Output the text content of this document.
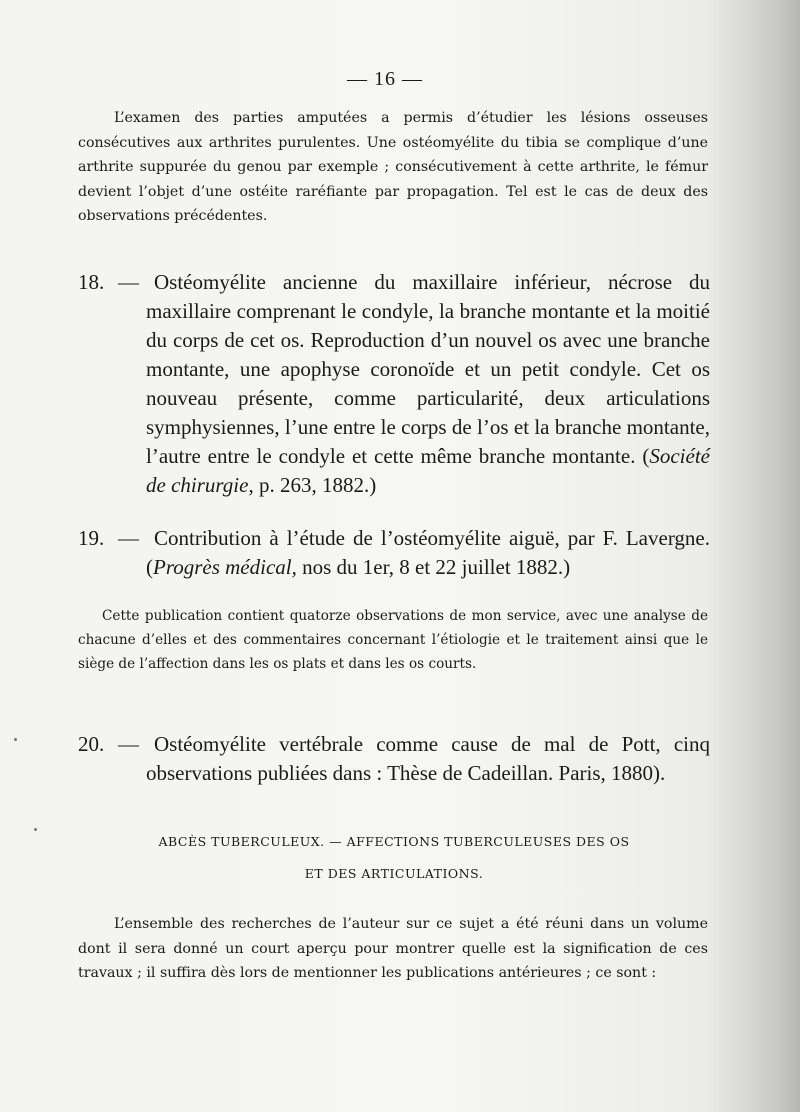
— 16 —

L’examen des parties amputées a permis d’étudier les lésions osseuses consécutives aux arthrites purulentes. Une ostéomyélite du tibia se complique d’une arthrite suppurée du genou par exemple ; consécutivement à cette arthrite, le fémur devient l’objet d’une ostéite raréfiante par propagation. Tel est le cas de deux des observations précédentes.

18. — Ostéomyélite ancienne du maxillaire inférieur, nécrose du maxillaire comprenant le condyle, la branche montante et la moitié du corps de cet os. Reproduction d’un nouvel os avec une branche montante, une apophyse coronoïde et un petit condyle. Cet os nouveau présente, comme particularité, deux articulations symphysiennes, l’une entre le corps de l’os et la branche montante, l’autre entre le condyle et cette même branche montante. (Société de chirurgie, p. 263, 1882.)
19. — Contribution à l’étude de l’ostéomyélite aiguë, par F. Lavergne. (Progrès médical, nos du 1er, 8 et 22 juillet 1882.)

Cette publication contient quatorze observations de mon service, avec une analyse de chacune d’elles et des commentaires concernant l’étiologie et le traitement ainsi que le siège de l’affection dans les os plats et dans les os courts.

20. — Ostéomyélite vertébrale comme cause de mal de Pott, cinq observations publiées dans : Thèse de Cadeillan. Paris, 1880).
ABCÈS TUBERCULEUX. — AFFECTIONS TUBERCULEUSES DES OS
ET DES ARTICULATIONS.

L’ensemble des recherches de l’auteur sur ce sujet a été réuni dans un volume dont il sera donné un court aperçu pour montrer quelle est la signification de ces travaux ; il suffira dès lors de mentionner les publications antérieures ; ce sont :
